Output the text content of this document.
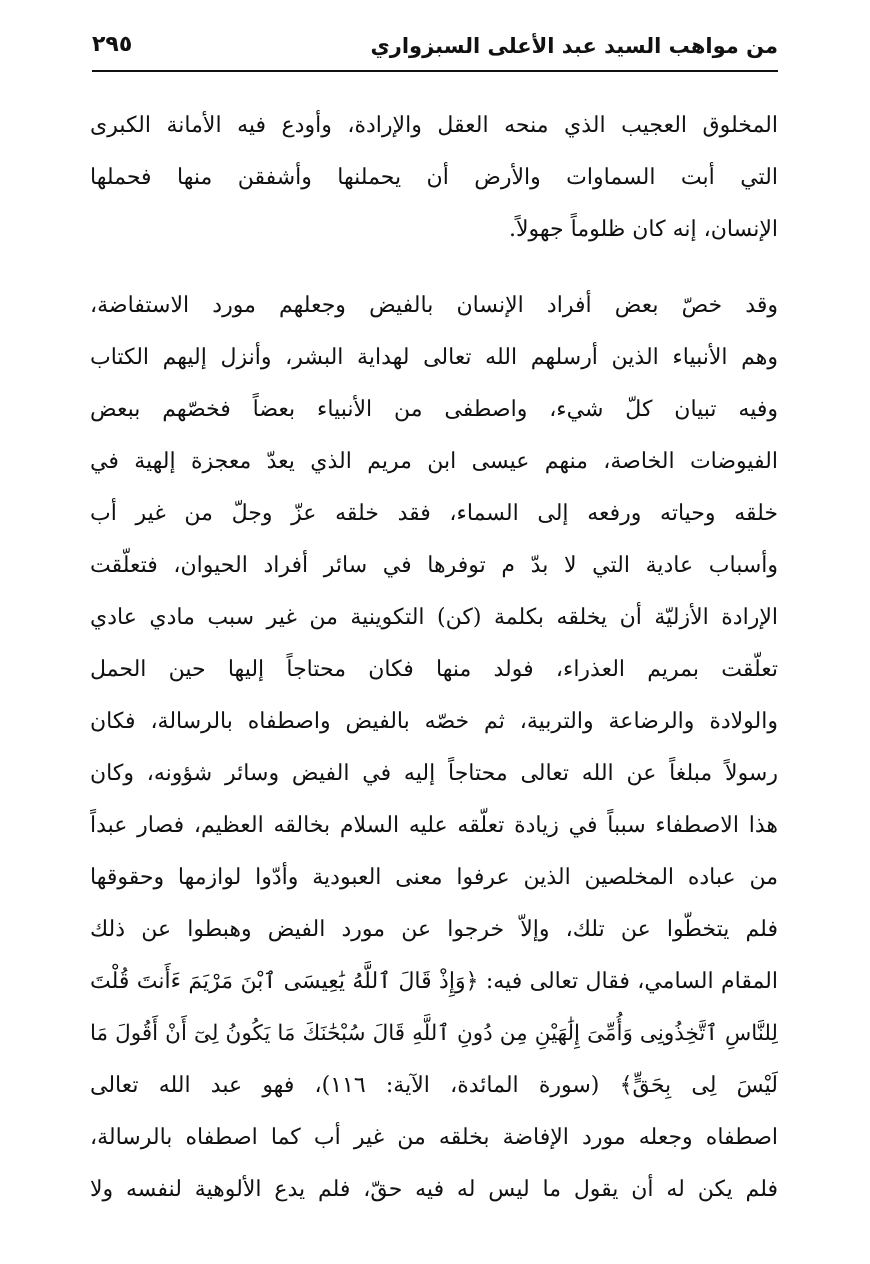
من مواهب السيد عبد الأعلى السبزواري
٢٩٥
المخلوق العجيب الذي منحه العقل والإرادة، وأودع فيه الأمانة الكبرى
التي أبت السماوات والأرض أن يحملنها وأشفقن منها فحملها
الإنسان، إنه كان ظلوماً جهولاً.
وقد خصّ بعض أفراد الإنسان بالفيض وجعلهم مورد الاستفاضة،
وهم الأنبياء الذين أرسلهم الله تعالى لهداية البشر، وأنزل إليهم الكتاب
وفيه تبيان كلّ شيء، واصطفى من الأنبياء بعضاً فخصّهم ببعض
الفيوضات الخاصة، منهم عيسى ابن مريم الذي يعدّ معجزة إلهية في
خلقه وحياته ورفعه إلى السماء، فقد خلقه عزّ وجلّ من غير أب
وأسباب عادية التي لا بدّ م توفرها في سائر أفراد الحيوان، فتعلّقت
الإرادة الأزليّة أن يخلقه بكلمة (كن) التكوينية من غير سبب مادي عادي
تعلّقت بمريم العذراء، فولد منها فكان محتاجاً إليها حين الحمل
والولادة والرضاعة والتربية، ثم خصّه بالفيض واصطفاه بالرسالة، فكان
رسولاً مبلغاً عن الله تعالى محتاجاً إليه في الفيض وسائر شؤونه، وكان
هذا الاصطفاء سبباً في زيادة تعلّقه عليه السلام بخالقه العظيم، فصار عبداً
من عباده المخلصين الذين عرفوا معنى العبودية وأدّوا لوازمها وحقوقها
فلم يتخطّوا عن تلك، وإلاّ خرجوا عن مورد الفيض وهبطوا عن ذلك
المقام السامي، فقال تعالى فيه: ﴿وَإِذْ قَالَ ٱللَّهُ يَٰعِيسَى ٱبْنَ مَرْيَمَ ءَأَنتَ قُلْتَ
لِلنَّاسِ ٱتَّخِذُونِى وَأُمِّىَ إِلَٰهَيْنِ مِن دُونِ ٱللَّهِ قَالَ سُبْحَٰنَكَ مَا يَكُونُ لِىٓ أَنْ أَقُولَ مَا
لَيْسَ لِى بِحَقٍّ﴾ (سورة المائدة، الآية: ١١٦)، فهو عبد الله تعالى
اصطفاه وجعله مورد الإفاضة بخلقه من غير أب كما اصطفاه بالرسالة،
فلم يكن له أن يقول ما ليس له فيه حقّ، فلم يدع الألوهية لنفسه ولا
